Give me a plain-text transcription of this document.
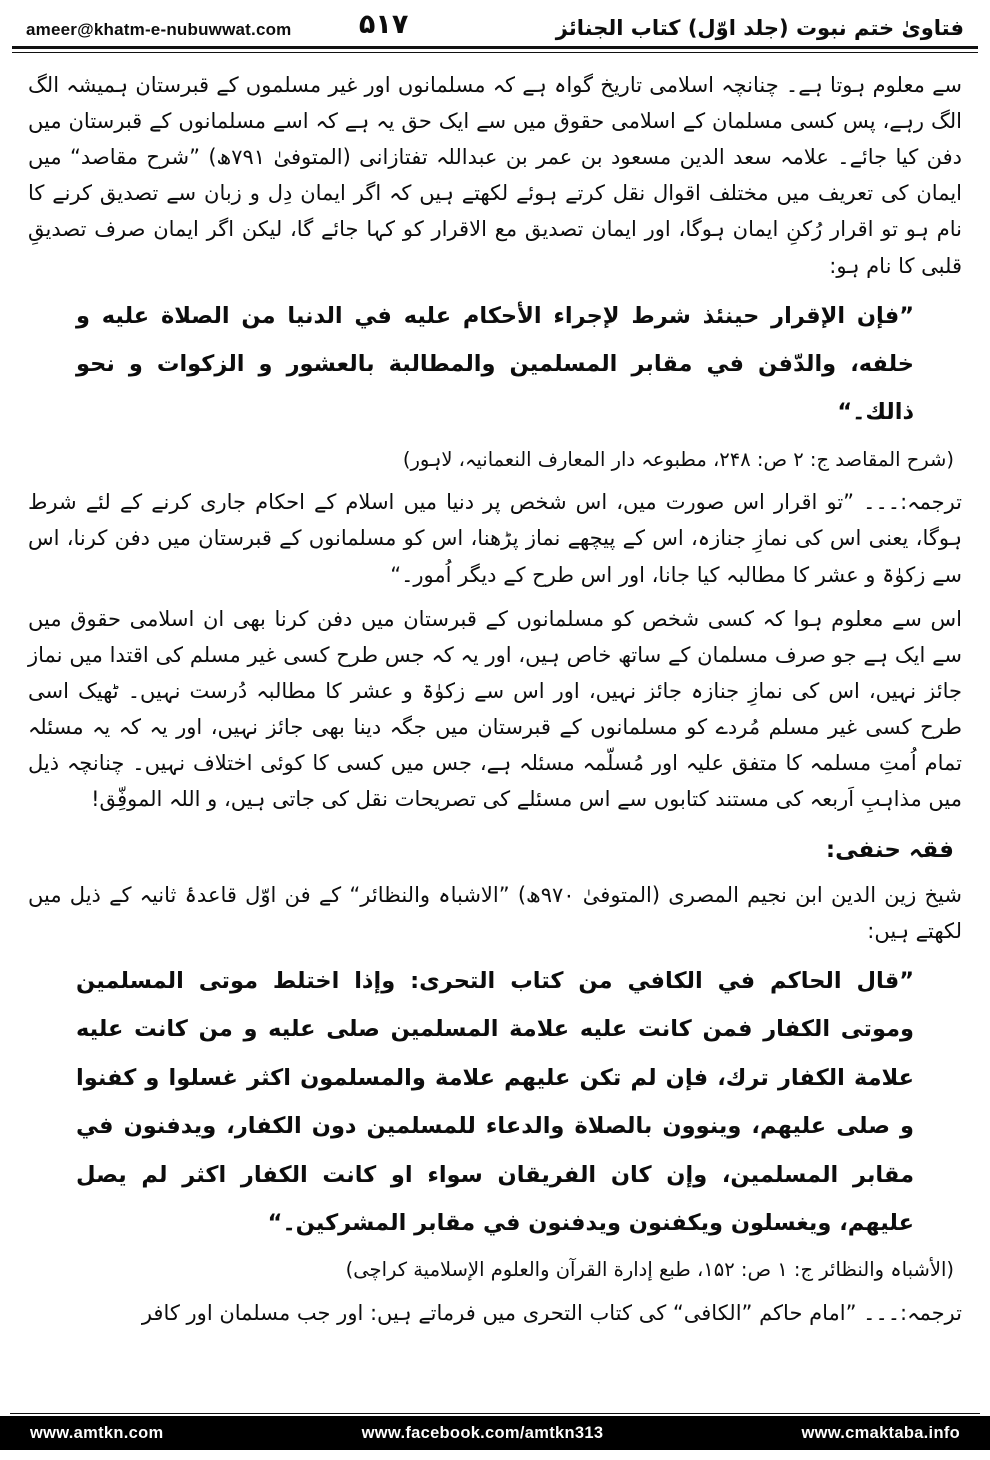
ameer@khatm-e-nubuwwat.com ۵۱۷	فتاویٰ ختم نبوت (جلد اوّل) کتاب الجنائز

سے معلوم ہوتا ہے۔ چنانچہ اسلامی تاریخ گواہ ہے کہ مسلمانوں اور غیر مسلموں کے قبرستان ہمیشہ الگ الگ رہے، پس کسی مسلمان کے اسلامی حقوق میں سے ایک حق یہ ہے کہ اسے مسلمانوں کے قبرستان میں دفن کیا جائے۔ علامہ سعد الدین مسعود بن عمر بن عبداللہ تفتازانی (المتوفیٰ ۷۹۱ھ) ”شرح مقاصد“ میں ایمان کی تعریف میں مختلف اقوال نقل کرتے ہوئے لکھتے ہیں کہ اگر ایمان دِل و زبان سے تصدیق کرنے کا نام ہو تو اقرار رُکنِ ایمان ہوگا، اور ایمان تصدیق مع الاقرار کو کہا جائے گا، لیکن اگر ایمان صرف تصدیقِ قلبی کا نام ہو:

”فإن الإقرار حينئذ شرط لإجراء الأحكام عليه في الدنيا من الصلاة عليه و خلفه، والدّفن في مقابر المسلمين والمطالبة بالعشور و الزكوات و نحو ذالك۔“

(شرح المقاصد ج: ۲ ص: ۲۴۸، مطبوعہ دار المعارف النعمانیہ، لاہور)

ترجمہ:۔۔۔ ”تو اقرار اس صورت میں، اس شخص پر دنیا میں اسلام کے احکام جاری کرنے کے لئے شرط ہوگا، یعنی اس کی نمازِ جنازہ، اس کے پیچھے نماز پڑھنا، اس کو مسلمانوں کے قبرستان میں دفن کرنا، اس سے زکوٰۃ و عشر کا مطالبہ کیا جانا، اور اس طرح کے دیگر اُمور۔“

اس سے معلوم ہوا کہ کسی شخص کو مسلمانوں کے قبرستان میں دفن کرنا بھی ان اسلامی حقوق میں سے ایک ہے جو صرف مسلمان کے ساتھ خاص ہیں، اور یہ کہ جس طرح کسی غیر مسلم کی اقتدا میں نماز جائز نہیں، اس کی نمازِ جنازہ جائز نہیں، اور اس سے زکوٰۃ و عشر کا مطالبہ دُرست نہیں۔ ٹھیک اسی طرح کسی غیر مسلم مُردے کو مسلمانوں کے قبرستان میں جگہ دینا بھی جائز نہیں، اور یہ کہ یہ مسئلہ تمام اُمتِ مسلمہ کا متفق علیہ اور مُسلّمہ مسئلہ ہے، جس میں کسی کا کوئی اختلاف نہیں۔ چنانچہ ذیل میں مذاہبِ اَربعہ کی مستند کتابوں سے اس مسئلے کی تصریحات نقل کی جاتی ہیں، و اللہ الموفِّق!

فقہ حنفی:

شیخ زین الدین ابن نجیم المصری (المتوفیٰ ۹۷۰ھ) ”الاشباہ والنظائر“ کے فن اوّل قاعدۂ ثانیہ کے ذیل میں لکھتے ہیں:

”قال الحاكم في الكافي من كتاب التحرى: وإذا اختلط موتى المسلمين وموتى الكفار فمن كانت عليه علامة المسلمين صلى عليه و من كانت عليه علامة الكفار ترك، فإن لم تكن عليهم علامة والمسلمون اكثر غسلوا و كفنوا و صلى عليهم، وينوون بالصلاة والدعاء للمسلمين دون الكفار، ويدفنون في مقابر المسلمين، وإن كان الفريقان سواء او كانت الكفار اكثر لم يصل عليهم، ويغسلون ويكفنون ويدفنون في مقابر المشركين۔“

(الأشباہ والنظائر ج: ۱ ص: ۱۵۲، طبع إدارة القرآن والعلوم الإسلامیة کراچی)

ترجمہ:۔۔۔ ”امام حاکم ”الکافی“ کی کتاب التحری میں فرماتے ہیں: اور جب مسلمان اور کافر

www.amtkn.com	www.facebook.com/amtkn313	www.cmaktaba.info
